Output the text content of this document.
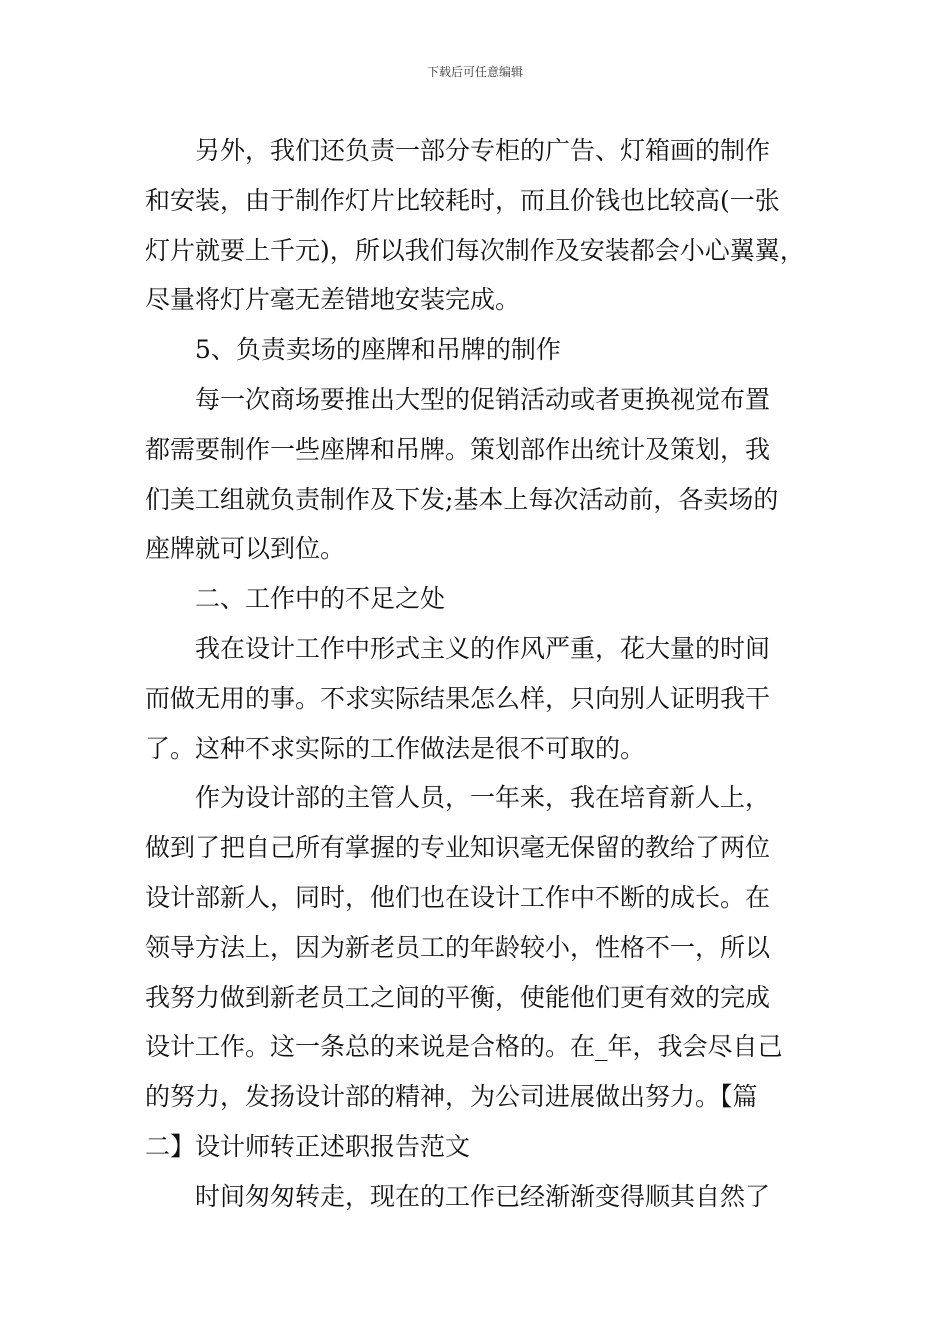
下载后可任意编辑
另外，我们还负责一部分专柜的广告、灯箱画的制作
和安装，由于制作灯片比较耗时，而且价钱也比较高(一张
灯片就要上千元)，所以我们每次制作及安装都会小心翼翼，
尽量将灯片毫无差错地安装完成。
5、负责卖场的座牌和吊牌的制作
每一次商场要推出大型的促销活动或者更换视觉布置
都需要制作一些座牌和吊牌。策划部作出统计及策划，我
们美工组就负责制作及下发;基本上每次活动前，各卖场的
座牌就可以到位。
二、工作中的不足之处
我在设计工作中形式主义的作风严重，花大量的时间
而做无用的事。不求实际结果怎么样，只向别人证明我干
了。这种不求实际的工作做法是很不可取的。
作为设计部的主管人员，一年来，我在培育新人上，
做到了把自己所有掌握的专业知识毫无保留的教给了两位
设计部新人，同时，他们也在设计工作中不断的成长。在
领导方法上，因为新老员工的年龄较小，性格不一，所以
我努力做到新老员工之间的平衡，使能他们更有效的完成
设计工作。这一条总的来说是合格的。在_年，我会尽自己
的努力，发扬设计部的精神，为公司进展做出努力。【篇
二】设计师转正述职报告范文
时间匆匆转走，现在的工作已经渐渐变得顺其自然了
